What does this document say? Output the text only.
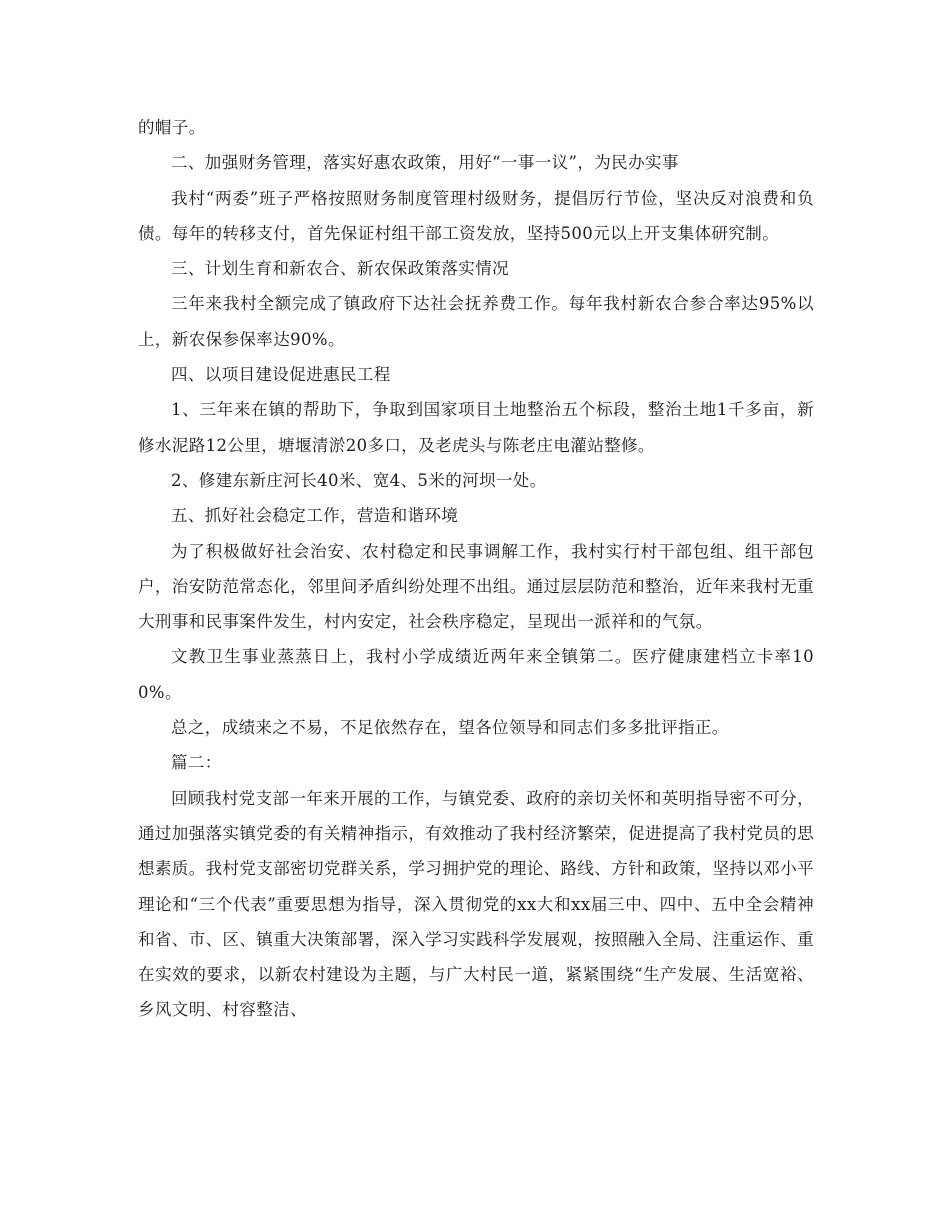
的帽子。

二、加强财务管理，落实好惠农政策，用好“一事一议”，为民办实事

我村“两委”班子严格按照财务制度管理村级财务，提倡厉行节俭，坚决反对浪费和负债。每年的转移支付，首先保证村组干部工资发放，坚持500元以上开支集体研究制。

三、计划生育和新农合、新农保政策落实情况

三年来我村全额完成了镇政府下达社会抚养费工作。每年我村新农合参合率达95%以上，新农保参保率达90%。

四、以项目建设促进惠民工程

1、三年来在镇的帮助下，争取到国家项目土地整治五个标段，整治土地1千多亩，新修水泥路12公里，塘堰清淤20多口，及老虎头与陈老庄电灌站整修。

2、修建东新庄河长40米、宽4、5米的河坝一处。

五、抓好社会稳定工作，营造和谐环境

为了积极做好社会治安、农村稳定和民事调解工作，我村实行村干部包组、组干部包户，治安防范常态化，邻里间矛盾纠纷处理不出组。通过层层防范和整治，近年来我村无重大刑事和民事案件发生，村内安定，社会秩序稳定，呈现出一派祥和的气氛。

文教卫生事业蒸蒸日上，我村小学成绩近两年来全镇第二。医疗健康建档立卡率100%。

总之，成绩来之不易，不足依然存在，望各位领导和同志们多多批评指正。

篇二：

回顾我村党支部一年来开展的工作，与镇党委、政府的亲切关怀和英明指导密不可分，通过加强落实镇党委的有关精神指示，有效推动了我村经济繁荣，促进提高了我村党员的思想素质。我村党支部密切党群关系，学习拥护党的理论、路线、方针和政策，坚持以邓小平理论和“三个代表”重要思想为指导，深入贯彻党的xx大和xx届三中、四中、五中全会精神和省、市、区、镇重大决策部署，深入学习实践科学发展观，按照融入全局、注重运作、重在实效的要求，以新农村建设为主题，与广大村民一道，紧紧围绕“生产发展、生活宽裕、乡风文明、村容整洁、
